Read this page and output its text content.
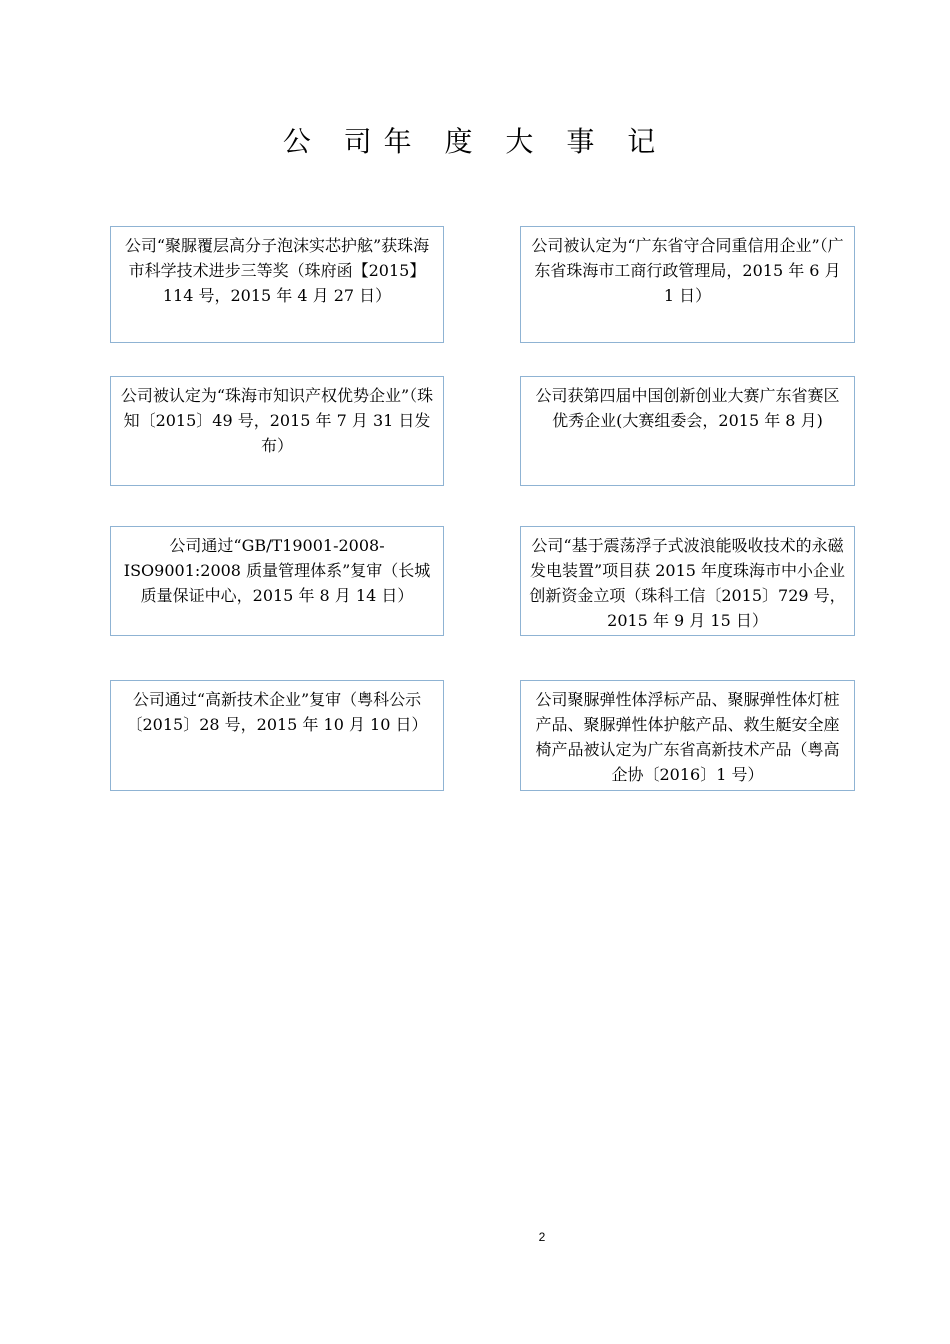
公 司年 度 大 事 记
公司“聚脲覆层高分子泡沫实芯护舷”获珠海市科学技术进步三等奖（珠府函【2015】114 号，2015 年 4 月 27 日）
公司被认定为“广东省守合同重信用企业”（广东省珠海市工商行政管理局，2015 年 6 月 1 日）
公司被认定为“珠海市知识产权优势企业”（珠知〔2015〕49 号，2015 年 7 月 31 日发布）
公司获第四届中国创新创业大赛广东省赛区优秀企业(大赛组委会，2015 年 8 月)
公司通过“GB/T19001-2008-ISO9001:2008 质量管理体系”复审（长城质量保证中心，2015 年 8 月 14 日）
公司“基于震荡浮子式波浪能吸收技术的永磁发电装置”项目获 2015 年度珠海市中小企业创新资金立项（珠科工信〔2015〕729 号，2015 年 9 月 15 日）
公司通过“高新技术企业”复审（粤科公示〔2015〕28 号，2015 年 10 月 10 日）
公司聚脲弹性体浮标产品、聚脲弹性体灯桩产品、聚脲弹性体护舷产品、救生艇安全座椅产品被认定为广东省高新技术产品（粤高企协〔2016〕1 号）
2
